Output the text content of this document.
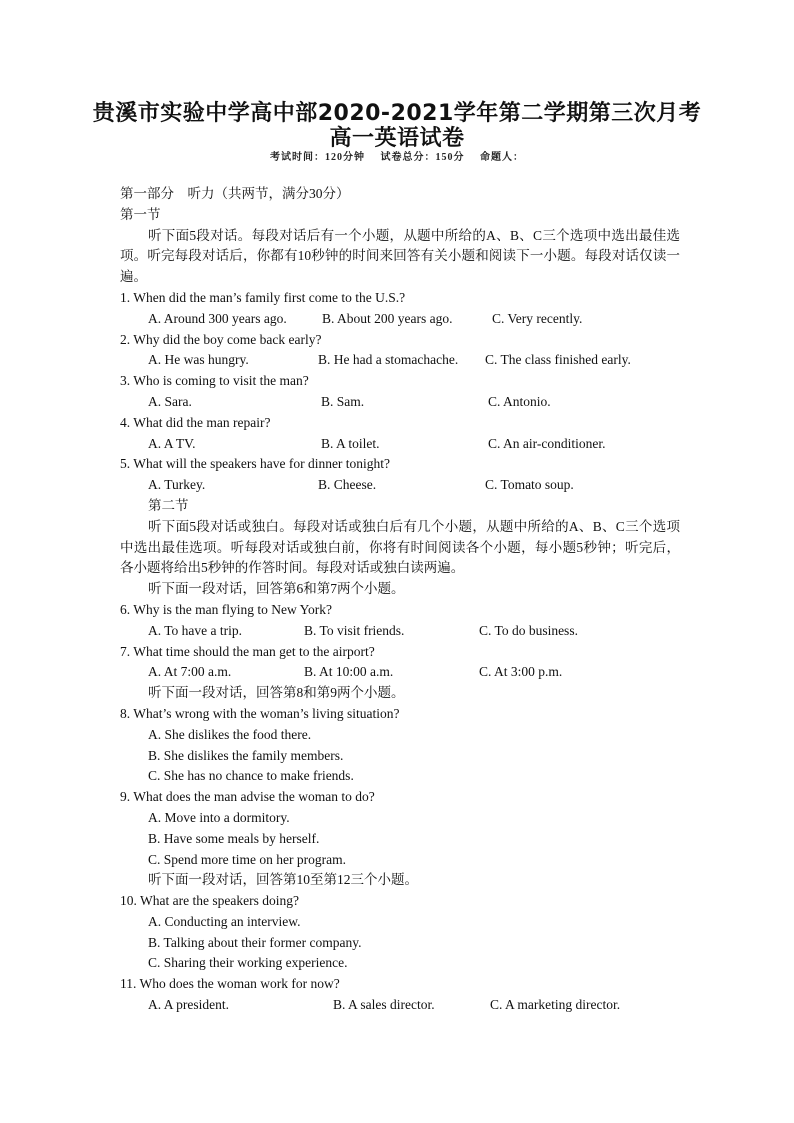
贵溪市实验中学高中部2020-2021学年第二学期第三次月考
高一英语试卷
考试时间：120分钟 试卷总分：150分 命题人：
第一部分　听力（共两节，满分30分）
第一节

听下面5段对话。每段对话后有一个小题，从题中所给的A、B、C三个选项中选出最佳选项。听完每段对话后，你都有10秒钟的时间来回答有关小题和阅读下一小题。每段对话仅读一遍。

1. When did the man’s family first come to the U.S.?
A. Around 300 years ago.	B. About 200 years ago.	C. Very recently.
2. Why did the boy come back early?
A. He was hungry.	B. He had a stomachache.	C. The class finished early.
3. Who is coming to visit the man?
A. Sara.	B. Sam.	C. Antonio.
4. What did the man repair?
A. A TV.	B. A toilet.	C. An air-conditioner.
5. What will the speakers have for dinner tonight?
A. Turkey.	B. Cheese.	C. Tomato soup.
第二节

听下面5段对话或独白。每段对话或独白后有几个小题，从题中所给的A、B、C三个选项中选出最佳选项。听每段对话或独白前，你将有时间阅读各个小题，每小题5秒钟；听完后，各小题将给出5秒钟的作答时间。每段对话或独白读两遍。

听下面一段对话，回答第6和第7两个小题。
6. Why is the man flying to New York?
A. To have a trip.	B. To visit friends.	C. To do business.
7. What time should the man get to the airport?
A. At 7:00 a.m.	B. At 10:00 a.m.	C. At 3:00 p.m.
听下面一段对话，回答第8和第9两个小题。
8. What’s wrong with the woman’s living situation?
A. She dislikes the food there.
B. She dislikes the family members.
C. She has no chance to make friends.
9. What does the man advise the woman to do?
A. Move into a dormitory.
B. Have some meals by herself.
C. Spend more time on her program.
听下面一段对话，回答第10至第12三个小题。
10. What are the speakers doing?
A. Conducting an interview.
B. Talking about their former company.
C. Sharing their working experience.
11. Who does the woman work for now?
A. A president.	B. A sales director.	C. A marketing director.
